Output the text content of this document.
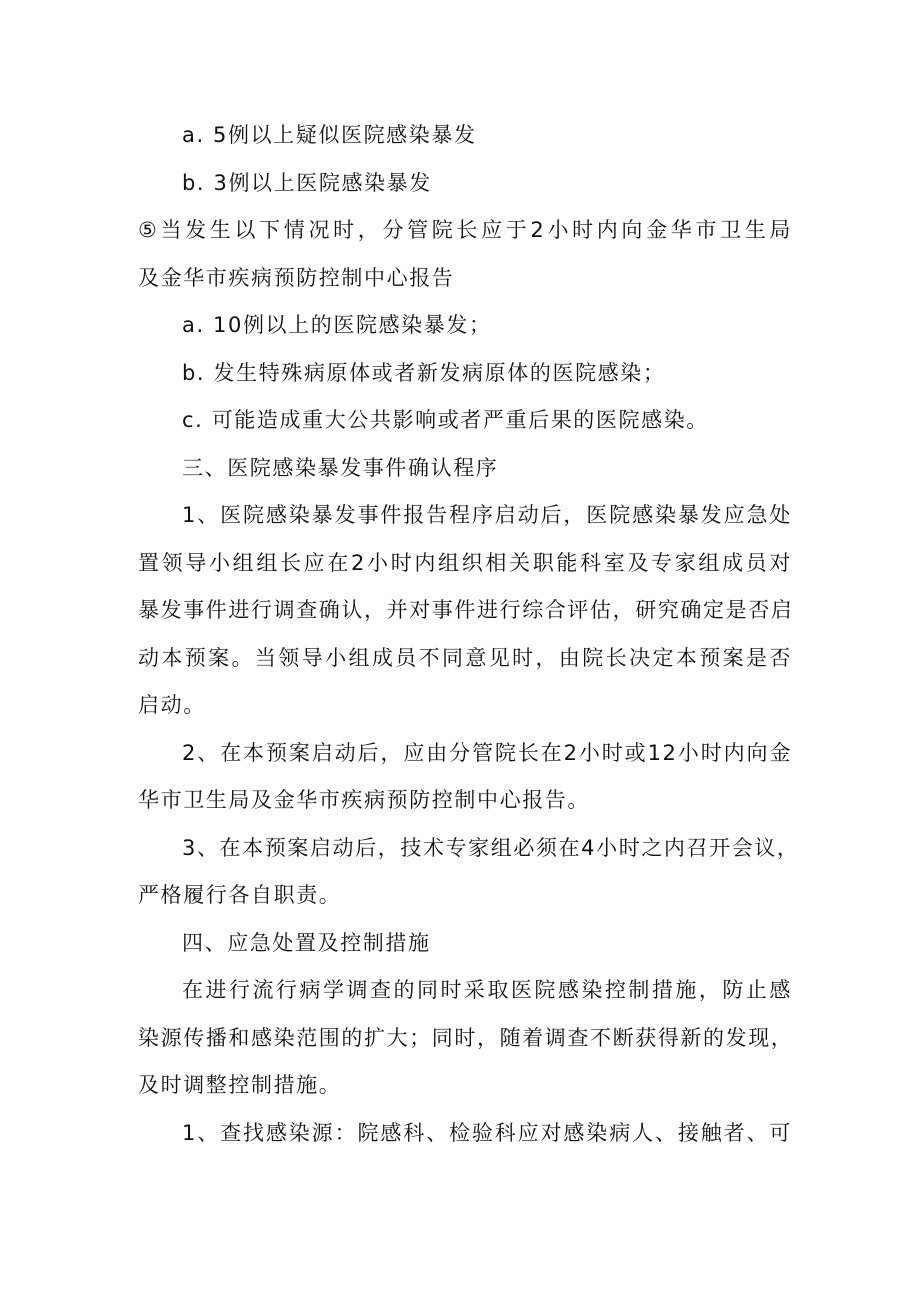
a. 5例以上疑似医院感染暴发

b. 3例以上医院感染暴发

⑤当发生以下情况时，分管院长应于2小时内向金华市卫生局
及金华市疾病预防控制中心报告

a. 10例以上的医院感染暴发；

b. 发生特殊病原体或者新发病原体的医院感染；

c. 可能造成重大公共影响或者严重后果的医院感染。

三、医院感染暴发事件确认程序

1、医院感染暴发事件报告程序启动后，医院感染暴发应急处
置领导小组组长应在2小时内组织相关职能科室及专家组成员对
暴发事件进行调查确认，并对事件进行综合评估，研究确定是否启
动本预案。当领导小组成员不同意见时，由院长决定本预案是否
启动。

2、在本预案启动后，应由分管院长在2小时或12小时内向金
华市卫生局及金华市疾病预防控制中心报告。

3、在本预案启动后，技术专家组必须在4小时之内召开会议，
严格履行各自职责。

四、应急处置及控制措施

在进行流行病学调查的同时采取医院感染控制措施，防止感
染源传播和感染范围的扩大；同时，随着调查不断获得新的发现，
及时调整控制措施。

1、查找感染源：院感科、检验科应对感染病人、接触者、可
